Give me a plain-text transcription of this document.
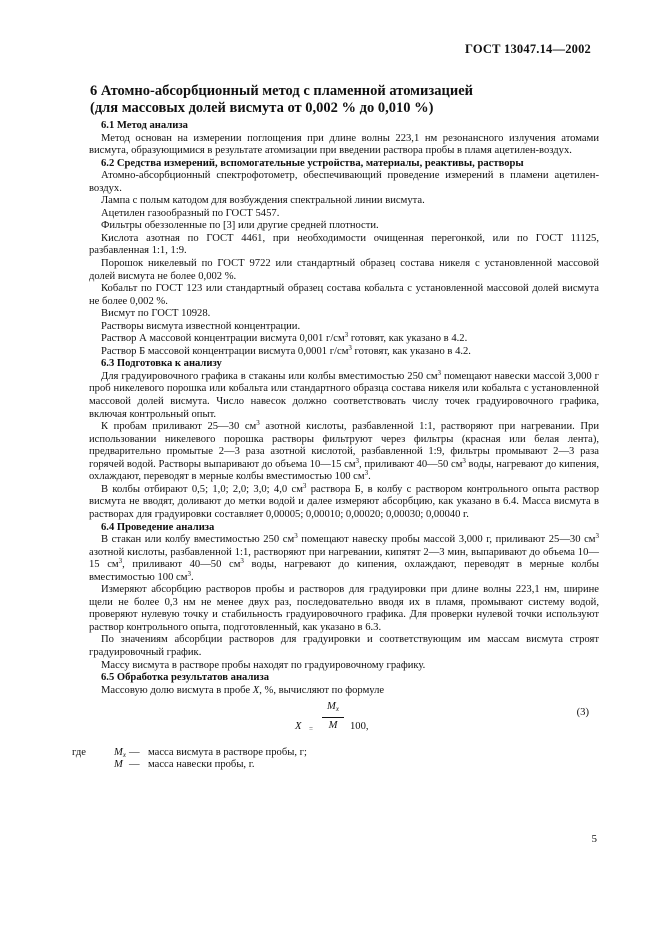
ГОСТ 13047.14—2002
6 Атомно-абсорбционный метод с пламенной атомизацией
(для массовых долей висмута от 0,002 % до 0,010 %)

6.1 Метод анализа

Метод основан на измерении поглощения при длине волны 223,1 нм резонансного излучения атомами висмута, образующимися в результате атомизации при введении раствора пробы в пламя ацетилен-воздух.

6.2 Средства измерений, вспомогательные устройства, материалы, реактивы, растворы

Атомно-абсорбционный спектрофотометр, обеспечивающий проведение измерений в пламени ацетилен-воздух.

Лампа с полым катодом для возбуждения спектральной линии висмута.

Ацетилен газообразный по ГОСТ 5457.

Фильтры обеззоленные по [3] или другие средней плотности.

Кислота азотная по ГОСТ 4461, при необходимости очищенная перегонкой, или по ГОСТ 11125, разбавленная 1:1, 1:9.

Порошок никелевый по ГОСТ 9722 или стандартный образец состава никеля с установленной массовой долей висмута не более 0,002 %.

Кобальт по ГОСТ 123 или стандартный образец состава кобальта с установленной массовой долей висмута не более 0,002 %.

Висмут по ГОСТ 10928.

Растворы висмута известной концентрации.

Раствор А массовой концентрации висмута 0,001 $г/см^3$ готовят, как указано в 4.2.

Раствор Б массовой концентрации висмута 0,0001 $г/см^3$ готовят, как указано в 4.2.

6.3 Подготовка к анализу

Для градуировочного графика в стаканы или колбы вместимостью 250 $см^3$ помещают навески массой 3,000 г проб никелевого порошка или кобальта или стандартного образца состава никеля или кобальта с установленной массовой долей висмута. Число навесок должно соответствовать числу точек градуировочного графика, включая контрольный опыт.

К пробам приливают 25—30 $см^3$ азотной кислоты, разбавленной 1:1, растворяют при нагревании. При использовании никелевого порошка растворы фильтруют через фильтры (красная или белая лента), предварительно промытые 2—3 раза азотной кислотой, разбавленной 1:9, фильтры промывают 2—3 раза горячей водой. Растворы выпаривают до объема 10—15 $см^3$, приливают 40—50 $см^3$ воды, нагревают до кипения, охлаждают, переводят в мерные колбы вместимостью 100 $см^3$.

В колбы отбирают 0,5; 1,0; 2,0; 3,0; 4,0 $см^3$ раствора Б, в колбу с раствором контрольного опыта раствор висмута не вводят, доливают до метки водой и далее измеряют абсорбцию, как указано в 6.4. Масса висмута в растворах для градуировки составляет 0,00005; 0,00010; 0,00020; 0,00030; 0,00040 г.

6.4 Проведение анализа

В стакан или колбу вместимостью 250 $см^3$ помещают навеску пробы массой 3,000 г, приливают 25—30 $см^3$ азотной кислоты, разбавленной 1:1, растворяют при нагревании, кипятят 2—3 мин, выпаривают до объема 10—15 $см^3$, приливают 40—50 $см^3$ воды, нагревают до кипения, охлаждают, переводят в мерные колбы вместимостью 100 $см^3$.

Измеряют абсорбцию растворов пробы и растворов для градуировки при длине волны 223,1 нм, ширине щели не более 0,3 нм не менее двух раз, последовательно вводя их в пламя, промывают систему водой, проверяют нулевую точку и стабильность градуировочного графика. Для проверки нулевой точки используют раствор контрольного опыта, подготовленный, как указано в 6.3.

По значениям абсорбции растворов для градуировки и соответствующим им массам висмута строят градуировочный график.

Массу висмута в растворе пробы находят по градуировочному графику.

6.5 Обработка результатов анализа

Массовую долю висмута в пробе X, %, вычисляют по формуле

X =
$M_x$
M	100,
(3)
где	$M_x$ — масса висмута в растворе пробы, г;
M — масса навески пробы, г.
5
